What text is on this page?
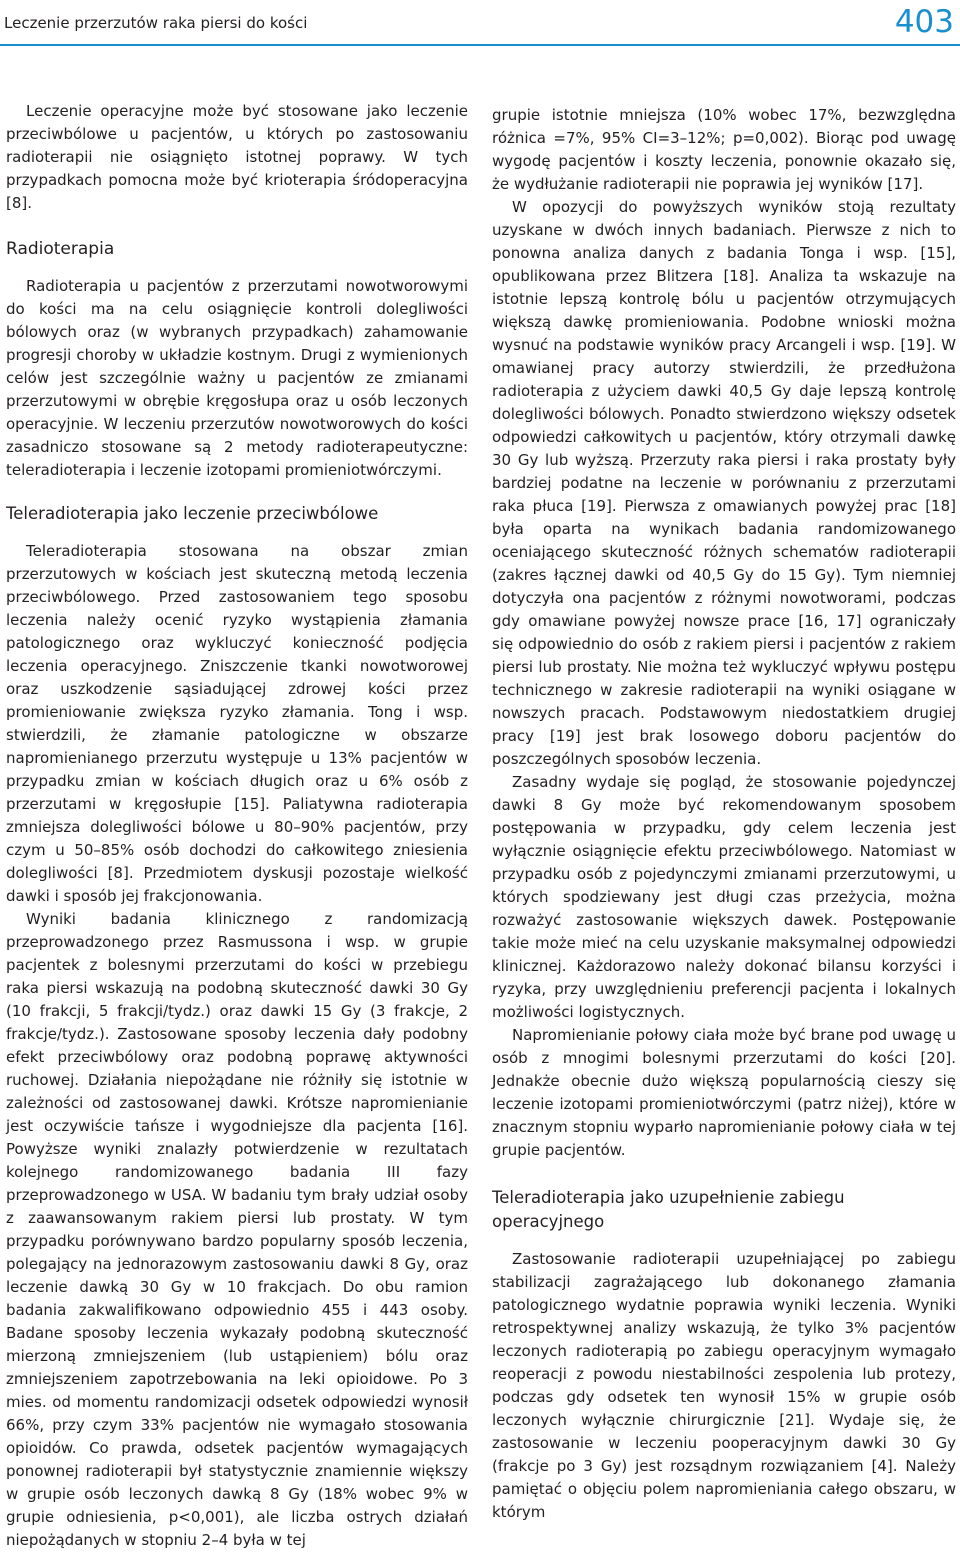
Leczenie przerzutów raka piersi do kości	403

Leczenie operacyjne może być stosowane jako leczenie przeciwbólowe u pacjentów, u których po zastosowaniu radioterapii nie osiągnięto istotnej poprawy. W tych przypadkach pomocna może być krioterapia śródoperacyjna [8].

Radioterapia

Radioterapia u pacjentów z przerzutami nowotworowymi do kości ma na celu osiągnięcie kontroli dolegliwości bólowych oraz (w wybranych przypadkach) zahamowanie progresji choroby w układzie kostnym. Drugi z wymienionych celów jest szczególnie ważny u pacjentów ze zmianami przerzutowymi w obrębie kręgosłupa oraz u osób leczonych operacyjnie. W leczeniu przerzutów nowotworowych do kości zasadniczo stosowane są 2 metody radioterapeutyczne: teleradioterapia i leczenie izotopami promieniotwórczymi.

Teleradioterapia jako leczenie przeciwbólowe

Teleradioterapia stosowana na obszar zmian przerzutowych w kościach jest skuteczną metodą leczenia przeciwbólowego. Przed zastosowaniem tego sposobu leczenia należy ocenić ryzyko wystąpienia złamania patologicznego oraz wykluczyć konieczność podjęcia leczenia operacyjnego. Zniszczenie tkanki nowotworowej oraz uszkodzenie sąsiadującej zdrowej kości przez promieniowanie zwiększa ryzyko złamania. Tong i wsp. stwierdzili, że złamanie patologiczne w obszarze napromienianego przerzutu występuje u 13% pacjentów w przypadku zmian w kościach długich oraz u 6% osób z przerzutami w kręgosłupie [15]. Paliatywna radioterapia zmniejsza dolegliwości bólowe u 80–90% pacjentów, przy czym u 50–85% osób dochodzi do całkowitego zniesienia dolegliwości [8]. Przedmiotem dyskusji pozostaje wielkość dawki i sposób jej frakcjonowania.

Wyniki badania klinicznego z randomizacją przeprowadzonego przez Rasmussona i wsp. w grupie pacjentek z bolesnymi przerzutami do kości w przebiegu raka piersi wskazują na podobną skuteczność dawki 30 Gy (10 frakcji, 5 frakcji/tydz.) oraz dawki 15 Gy (3 frakcje, 2 frakcje/tydz.). Zastosowane sposoby leczenia dały podobny efekt przeciwbólowy oraz podobną poprawę aktywności ruchowej. Działania niepożądane nie różniły się istotnie w zależności od zastosowanej dawki. Krótsze napromienianie jest oczywiście tańsze i wygodniejsze dla pacjenta [16]. Powyższe wyniki znalazły potwierdzenie w rezultatach kolejnego randomizowanego badania III fazy przeprowadzonego w USA. W badaniu tym brały udział osoby z zaawansowanym rakiem piersi lub prostaty. W tym przypadku porównywano bardzo popularny sposób leczenia, polegający na jednorazowym zastosowaniu dawki 8 Gy, oraz leczenie dawką 30 Gy w 10 frakcjach. Do obu ramion badania zakwalifikowano odpowiednio 455 i 443 osoby. Badane sposoby leczenia wykazały podobną skuteczność mierzoną zmniejszeniem (lub ustąpieniem) bólu oraz zmniejszeniem zapotrzebowania na leki opioidowe. Po 3 mies. od momentu randomizacji odsetek odpowiedzi wynosił 66%, przy czym 33% pacjentów nie wymagało stosowania opioidów. Co prawda, odsetek pacjentów wymagających ponownej radioterapii był statystycznie znamiennie większy w grupie osób leczonych dawką 8 Gy (18% wobec 9% w grupie odniesienia, p<0,001), ale liczba ostrych działań niepożądanych w stopniu 2–4 była w tej

grupie istotnie mniejsza (10% wobec 17%, bezwzględna różnica =7%, 95% CI=3–12%; p=0,002). Biorąc pod uwagę wygodę pacjentów i koszty leczenia, ponownie okazało się, że wydłużanie radioterapii nie poprawia jej wyników [17].

W opozycji do powyższych wyników stoją rezultaty uzyskane w dwóch innych badaniach. Pierwsze z nich to ponowna analiza danych z badania Tonga i wsp. [15], opublikowana przez Blitzera [18]. Analiza ta wskazuje na istotnie lepszą kontrolę bólu u pacjentów otrzymujących większą dawkę promieniowania. Podobne wnioski można wysnuć na podstawie wyników pracy Arcangeli i wsp. [19]. W omawianej pracy autorzy stwierdzili, że przedłużona radioterapia z użyciem dawki 40,5 Gy daje lepszą kontrolę dolegliwości bólowych. Ponadto stwierdzono większy odsetek odpowiedzi całkowitych u pacjentów, który otrzymali dawkę 30 Gy lub wyższą. Przerzuty raka piersi i raka prostaty były bardziej podatne na leczenie w porównaniu z przerzutami raka płuca [19]. Pierwsza z omawianych powyżej prac [18] była oparta na wynikach badania randomizowanego oceniającego skuteczność różnych schematów radioterapii (zakres łącznej dawki od 40,5 Gy do 15 Gy). Tym niemniej dotyczyła ona pacjentów z różnymi nowotworami, podczas gdy omawiane powyżej nowsze prace [16, 17] ograniczały się odpowiednio do osób z rakiem piersi i pacjentów z rakiem piersi lub prostaty. Nie można też wykluczyć wpływu postępu technicznego w zakresie radioterapii na wyniki osiągane w nowszych pracach. Podstawowym niedostatkiem drugiej pracy [19] jest brak losowego doboru pacjentów do poszczególnych sposobów leczenia.

Zasadny wydaje się pogląd, że stosowanie pojedynczej dawki 8 Gy może być rekomendowanym sposobem postępowania w przypadku, gdy celem leczenia jest wyłącznie osiągnięcie efektu przeciwbólowego. Natomiast w przypadku osób z pojedynczymi zmianami przerzutowymi, u których spodziewany jest długi czas przeżycia, można rozważyć zastosowanie większych dawek. Postępowanie takie może mieć na celu uzyskanie maksymalnej odpowiedzi klinicznej. Każdorazowo należy dokonać bilansu korzyści i ryzyka, przy uwzględnieniu preferencji pacjenta i lokalnych możliwości logistycznych.

Napromienianie połowy ciała może być brane pod uwagę u osób z mnogimi bolesnymi przerzutami do kości [20]. Jednakże obecnie dużo większą popularnością cieszy się leczenie izotopami promieniotwórczymi (patrz niżej), które w znacznym stopniu wyparło napromienianie połowy ciała w tej grupie pacjentów.

Teleradioterapia jako uzupełnienie zabiegu operacyjnego

Zastosowanie radioterapii uzupełniającej po zabiegu stabilizacji zagrażającego lub dokonanego złamania patologicznego wydatnie poprawia wyniki leczenia. Wyniki retrospektywnej analizy wskazują, że tylko 3% pacjentów leczonych radioterapią po zabiegu operacyjnym wymagało reoperacji z powodu niestabilności zespolenia lub protezy, podczas gdy odsetek ten wynosił 15% w grupie osób leczonych wyłącznie chirurgicznie [21]. Wydaje się, że zastosowanie w leczeniu pooperacyjnym dawki 30 Gy (frakcje po 3 Gy) jest rozsądnym rozwiązaniem [4]. Należy pamiętać o objęciu polem napromieniania całego obszaru, w którym
